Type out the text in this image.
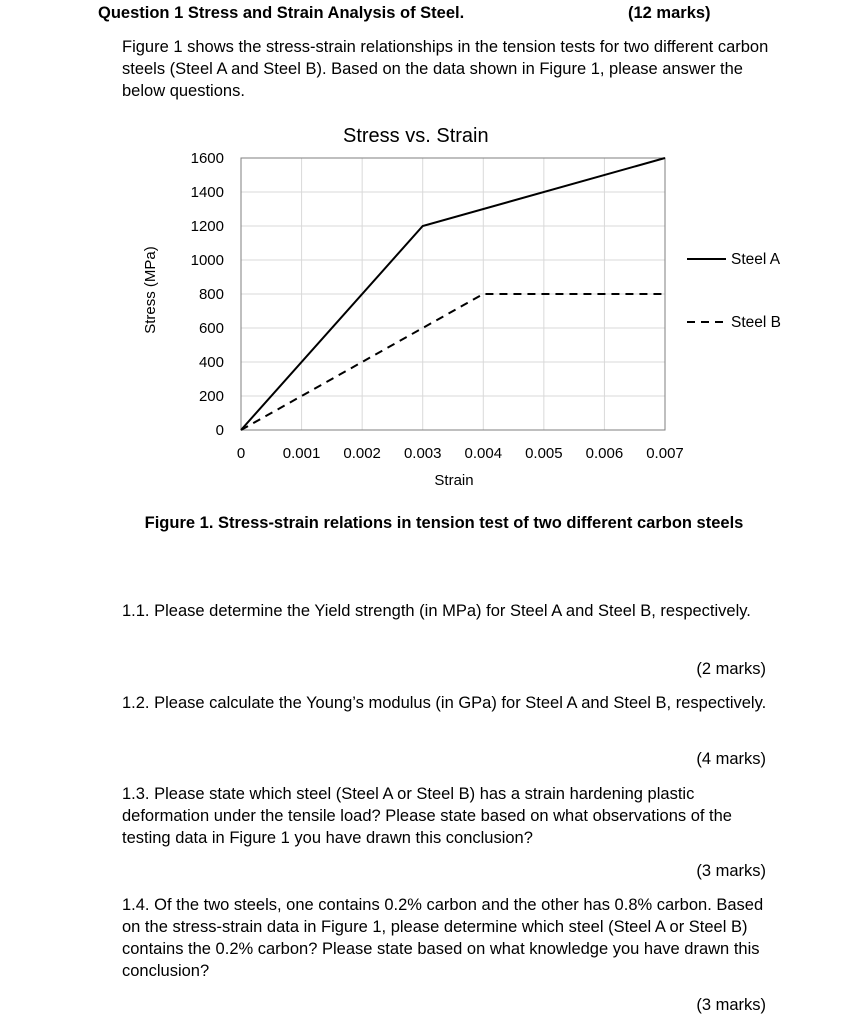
Question 1 Stress and Strain Analysis of Steel.	(12 marks)
Figure 1 shows the stress-strain relationships in the tension tests for two different carbon steels (Steel A and Steel B). Based on the data shown in Figure 1, please answer the below questions.
Stress vs. Strain
0	0.001 0.002 0.003 0.004 0.005 0.006 0.007
0
200
400
600
800
1000
1200
1400
1600
Strain
Stress (MPa)	Steel A
Steel B
Figure 1. Stress-strain relations in tension test of two different carbon steels
1.1. Please determine the Yield strength (in MPa) for Steel A and Steel B, respectively.
(2 marks)
1.2. Please calculate the Young’s modulus (in GPa) for Steel A and Steel B, respectively.
(4 marks)
1.3. Please state which steel (Steel A or Steel B) has a strain hardening plastic deformation under the tensile load? Please state based on what observations of the testing data in Figure 1 you have drawn this conclusion?
(3 marks)
1.4. Of the two steels, one contains 0.2% carbon and the other has 0.8% carbon. Based on the stress-strain data in Figure 1, please determine which steel (Steel A or Steel B) contains the 0.2% carbon? Please state based on what knowledge you have drawn this conclusion?
(3 marks)
